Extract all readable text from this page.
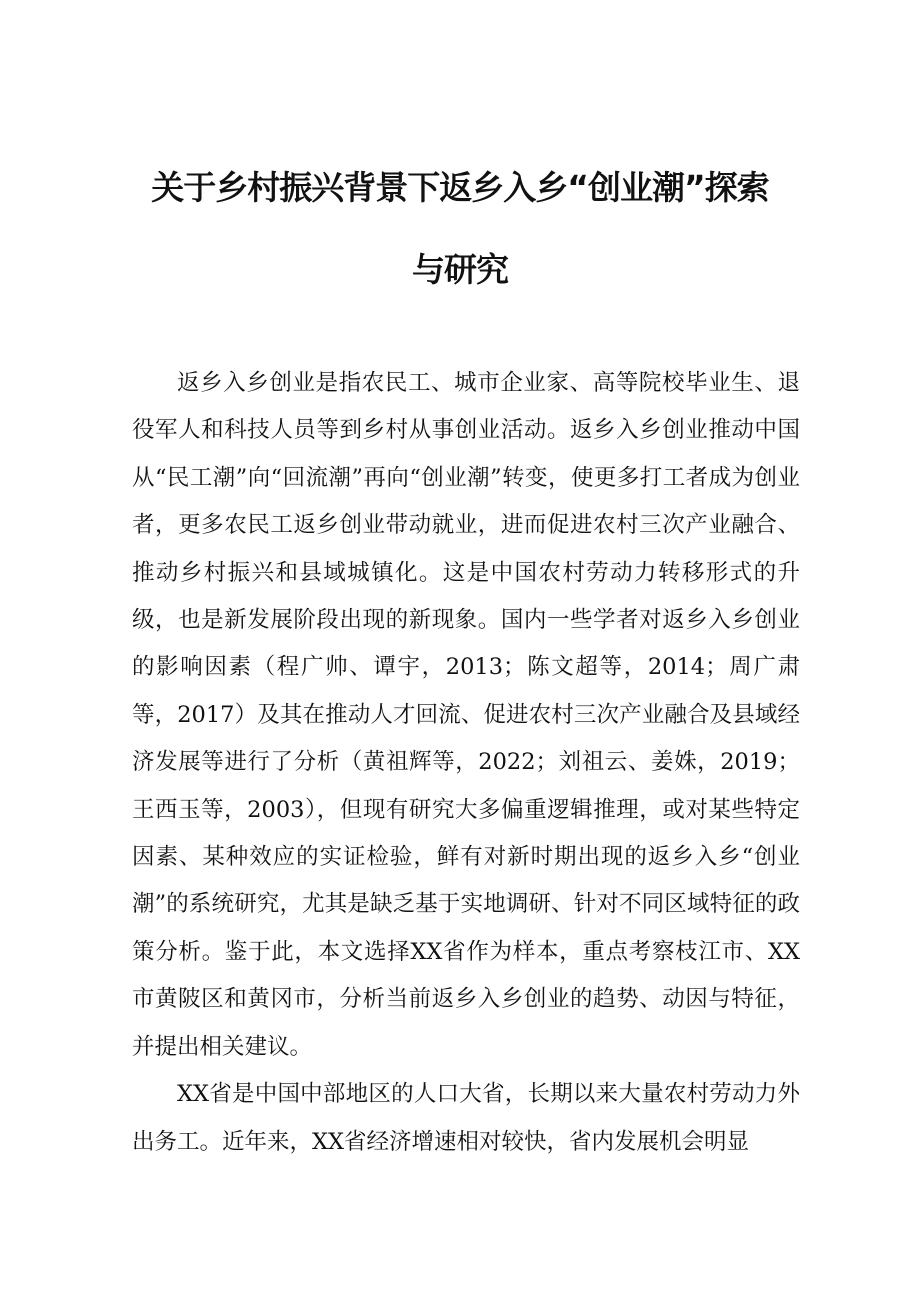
关于乡村振兴背景下返乡入乡“创业潮”探索
与研究

返乡入乡创业是指农民工、城市企业家、高等院校毕业生、退役军人和科技人员等到乡村从事创业活动。返乡入乡创业推动中国从“民工潮”向“回流潮”再向“创业潮”转变，使更多打工者成为创业者，更多农民工返乡创业带动就业，进而促进农村三次产业融合、推动乡村振兴和县域城镇化。这是中国农村劳动力转移形式的升级，也是新发展阶段出现的新现象。国内一些学者对返乡入乡创业的影响因素（程广帅、谭宇，2013；陈文超等，2014；周广肃等，2017）及其在推动人才回流、促进农村三次产业融合及县域经济发展等进行了分析（黄祖辉等，2022；刘祖云、姜姝，2019；王西玉等，2003），但现有研究大多偏重逻辑推理，或对某些特定因素、某种效应的实证检验，鲜有对新时期出现的返乡入乡“创业潮”的系统研究，尤其是缺乏基于实地调研、针对不同区域特征的政策分析。鉴于此，本文选择XX省作为样本，重点考察枝江市、XX市黄陂区和黄冈市，分析当前返乡入乡创业的趋势、动因与特征，并提出相关建议。

XX省是中国中部地区的人口大省，长期以来大量农村劳动力外出务工。近年来，XX省经济增速相对较快，省内发展机会明显
